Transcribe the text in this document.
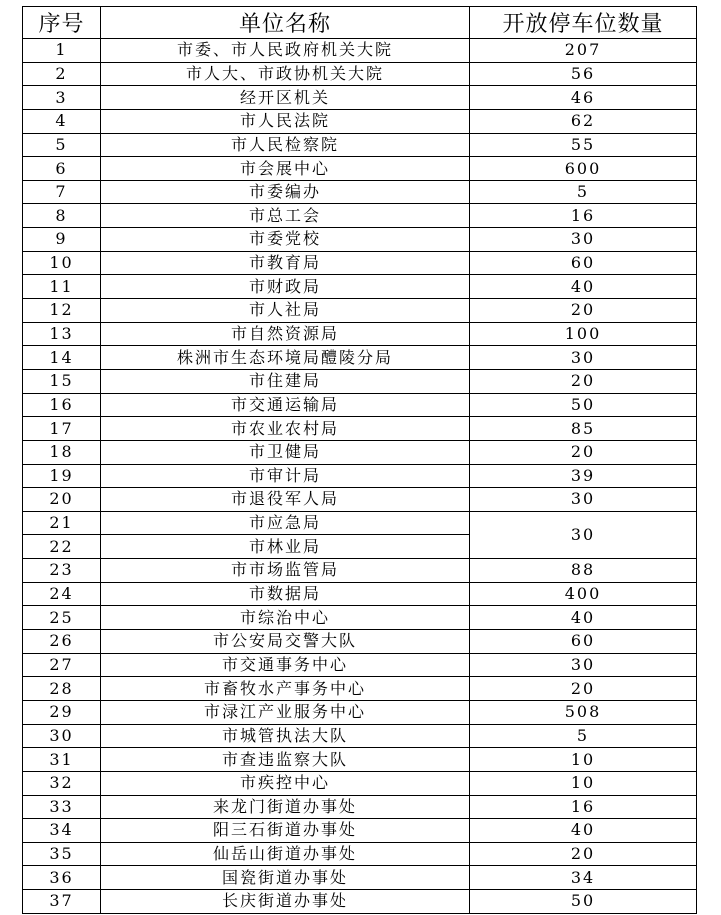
序号	单位名称	开放停车位数量
1	市委、市人民政府机关大院	207
2	市人大、市政协机关大院	56
3	经开区机关	46
4	市人民法院	62
5	市人民检察院	55
6	市会展中心	600
7	市委编办	5
8	市总工会	16
9	市委党校	30
10	市教育局	60
11	市财政局	40
12	市人社局	20
13	市自然资源局	100
14	株洲市生态环境局醴陵分局	30
15	市住建局	20
16	市交通运输局	50
17	市农业农村局	85
18	市卫健局	20
19	市审计局	39
20	市退役军人局	30
21	市应急局	30
22	市林业局	
23	市市场监管局	88
24	市数据局	400
25	市综治中心	40
26	市公安局交警大队	60
27	市交通事务中心	30
28	市畜牧水产事务中心	20
29	市渌江产业服务中心	508
30	市城管执法大队	5
31	市查违监察大队	10
32	市疾控中心	10
33	来龙门街道办事处	16
34	阳三石街道办事处	40
35	仙岳山街道办事处	20
36	国瓷街道办事处	34
37	长庆街道办事处	50
